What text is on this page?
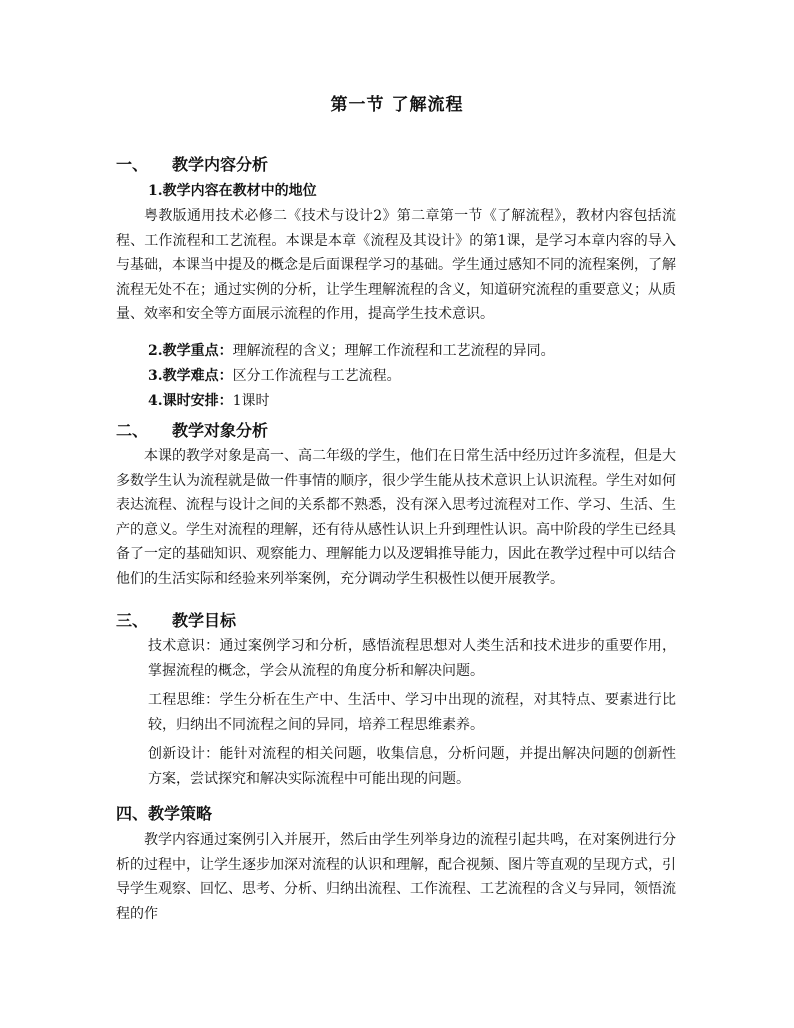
第一节 了解流程
一、 教学内容分析
1.教学内容在教材中的地位
粤教版通用技术必修二《技术与设计2》第二章第一节《了解流程》，教材内容包括流程、工作流程和工艺流程。本课是本章《流程及其设计》的第1课，是学习本章内容的导入与基础，本课当中提及的概念是后面课程学习的基础。学生通过感知不同的流程案例，了解流程无处不在；通过实例的分析，让学生理解流程的含义，知道研究流程的重要意义；从质量、效率和安全等方面展示流程的作用，提高学生技术意识。
2.教学重点：理解流程的含义；理解工作流程和工艺流程的异同。
3.教学难点：区分工作流程与工艺流程。
4.课时安排：1课时
二、 教学对象分析
本课的教学对象是高一、高二年级的学生，他们在日常生活中经历过许多流程，但是大多数学生认为流程就是做一件事情的顺序，很少学生能从技术意识上认识流程。学生对如何表达流程、流程与设计之间的关系都不熟悉，没有深入思考过流程对工作、学习、生活、生产的意义。学生对流程的理解，还有待从感性认识上升到理性认识。高中阶段的学生已经具备了一定的基础知识、观察能力、理解能力以及逻辑推导能力，因此在教学过程中可以结合他们的生活实际和经验来列举案例，充分调动学生积极性以便开展教学。
三、 教学目标
技术意识：通过案例学习和分析，感悟流程思想对人类生活和技术进步的重要作用，掌握流程的概念，学会从流程的角度分析和解决问题。
工程思维：学生分析在生产中、生活中、学习中出现的流程，对其特点、要素进行比较，归纳出不同流程之间的异同，培养工程思维素养。
创新设计：能针对流程的相关问题，收集信息，分析问题，并提出解决问题的创新性方案，尝试探究和解决实际流程中可能出现的问题。
四、教学策略
教学内容通过案例引入并展开，然后由学生列举身边的流程引起共鸣，在对案例进行分析的过程中，让学生逐步加深对流程的认识和理解，配合视频、图片等直观的呈现方式，引导学生观察、回忆、思考、分析、归纳出流程、工作流程、工艺流程的含义与异同，领悟流程的作
